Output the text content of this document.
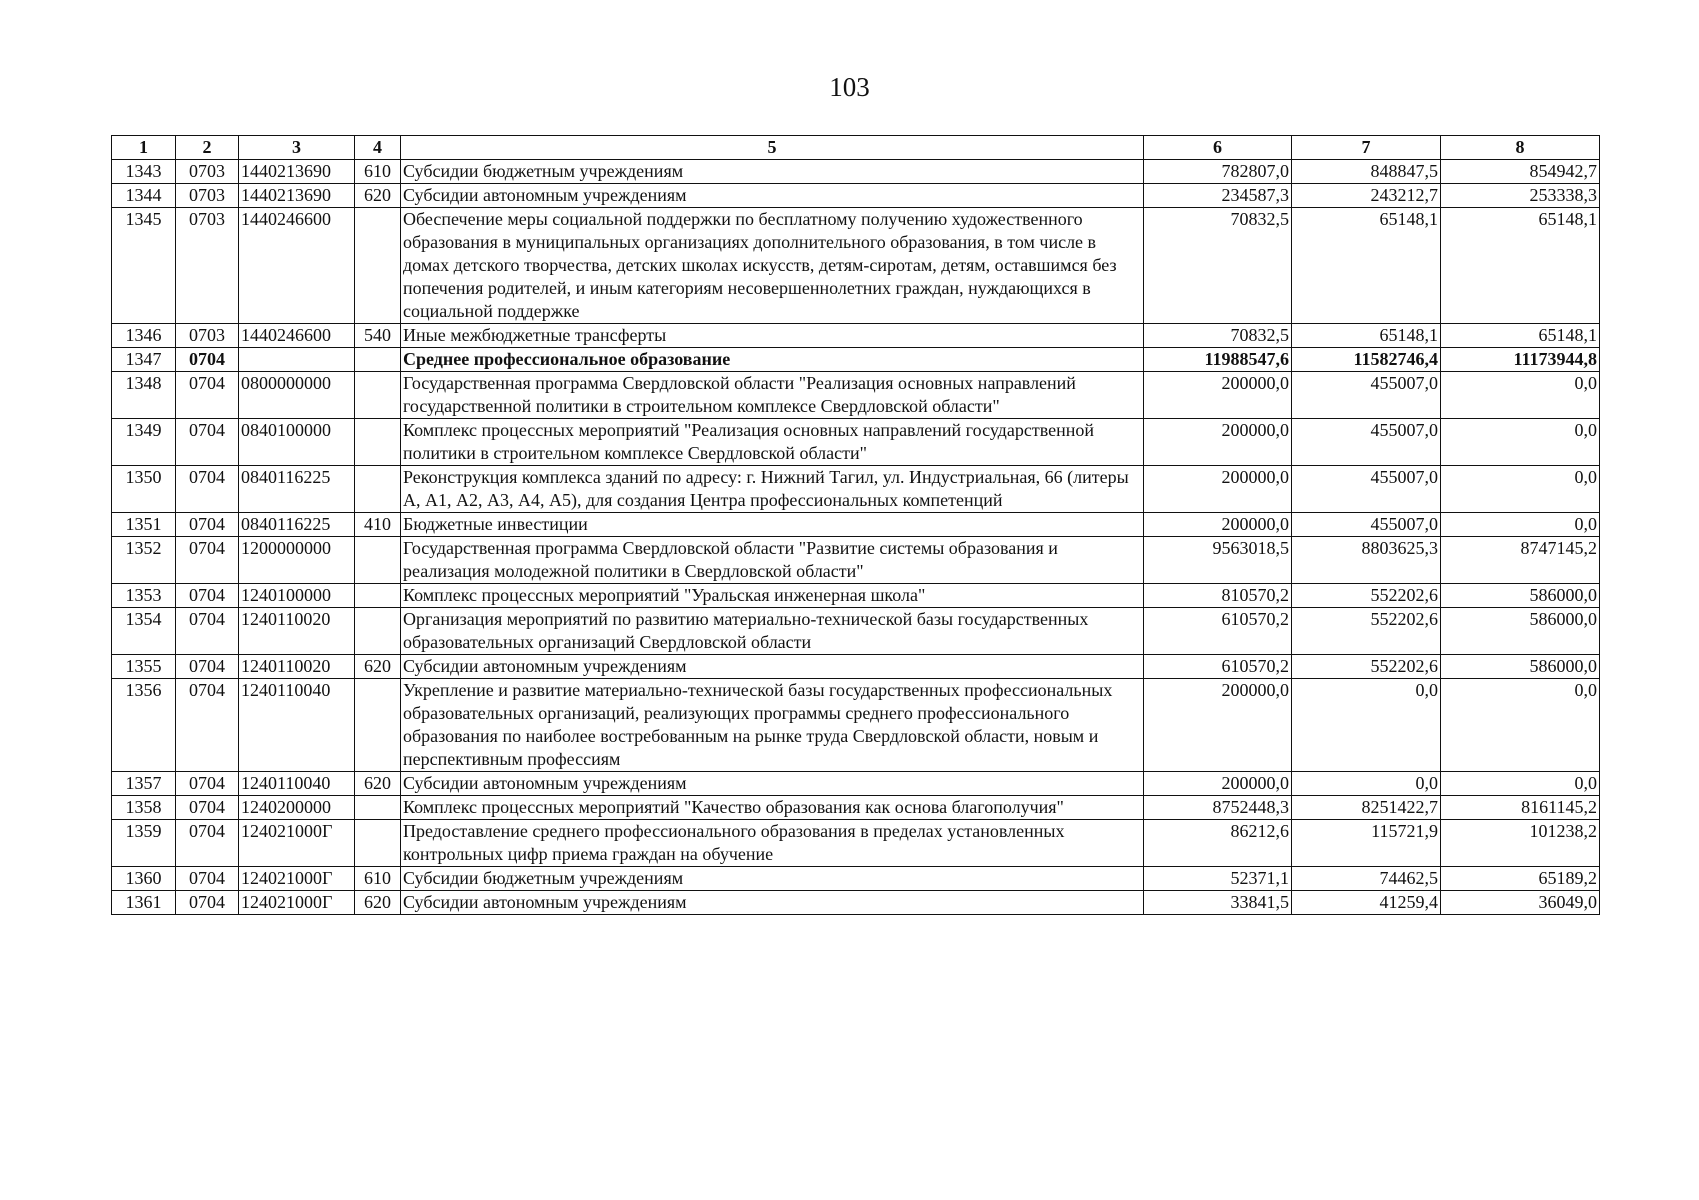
103
1	2	3	4	5	6	7	8
1343	0703	1440213690	610	Субсидии бюджетным учреждениям	782807,0	848847,5	854942,7
1344	0703	1440213690	620	Субсидии автономным учреждениям	234587,3	243212,7	253338,3
1345	0703	1440246600		Обеспечение меры социальной поддержки по бесплатному получению художественного образования в муниципальных организациях дополнительного образования, в том числе в домах детского творчества, детских школах искусств, детям-сиротам, детям, оставшимся без попечения родителей, и иным категориям несовершеннолетних граждан, нуждающихся в социальной поддержке	70832,5	65148,1	65148,1
1346	0703	1440246600	540	Иные межбюджетные трансферты	70832,5	65148,1	65148,1
1347	0704			Среднее профессиональное образование	11988547,6	11582746,4	11173944,8
1348	0704	0800000000		Государственная программа Свердловской области "Реализация основных направлений государственной политики в строительном комплексе Свердловской области"	200000,0	455007,0	0,0
1349	0704	0840100000		Комплекс процессных мероприятий "Реализация основных направлений государственной политики в строительном комплексе Свердловской области"	200000,0	455007,0	0,0
1350	0704	0840116225		Реконструкция комплекса зданий по адресу: г. Нижний Тагил, ул. Индустриальная, 66 (литеры А, А1, А2, А3, А4, А5), для создания Центра профессиональных компетенций	200000,0	455007,0	0,0
1351	0704	0840116225	410	Бюджетные инвестиции	200000,0	455007,0	0,0
1352	0704	1200000000		Государственная программа Свердловской области "Развитие системы образования и реализация молодежной политики в Свердловской области"	9563018,5	8803625,3	8747145,2
1353	0704	1240100000		Комплекс процессных мероприятий "Уральская инженерная школа"	810570,2	552202,6	586000,0
1354	0704	1240110020		Организация мероприятий по развитию материально-технической базы государственных образовательных организаций Свердловской области	610570,2	552202,6	586000,0
1355	0704	1240110020	620	Субсидии автономным учреждениям	610570,2	552202,6	586000,0
1356	0704	1240110040		Укрепление и развитие материально-технической базы государственных профессиональных образовательных организаций, реализующих программы среднего профессионального образования по наиболее востребованным на рынке труда Свердловской области, новым и перспективным профессиям	200000,0	0,0	0,0
1357	0704	1240110040	620	Субсидии автономным учреждениям	200000,0	0,0	0,0
1358	0704	1240200000		Комплекс процессных мероприятий "Качество образования как основа благополучия"	8752448,3	8251422,7	8161145,2
1359	0704	124021000Г		Предоставление среднего профессионального образования в пределах установленных контрольных цифр приема граждан на обучение	86212,6	115721,9	101238,2
1360	0704	124021000Г	610	Субсидии бюджетным учреждениям	52371,1	74462,5	65189,2
1361	0704	124021000Г	620	Субсидии автономным учреждениям	33841,5	41259,4	36049,0
